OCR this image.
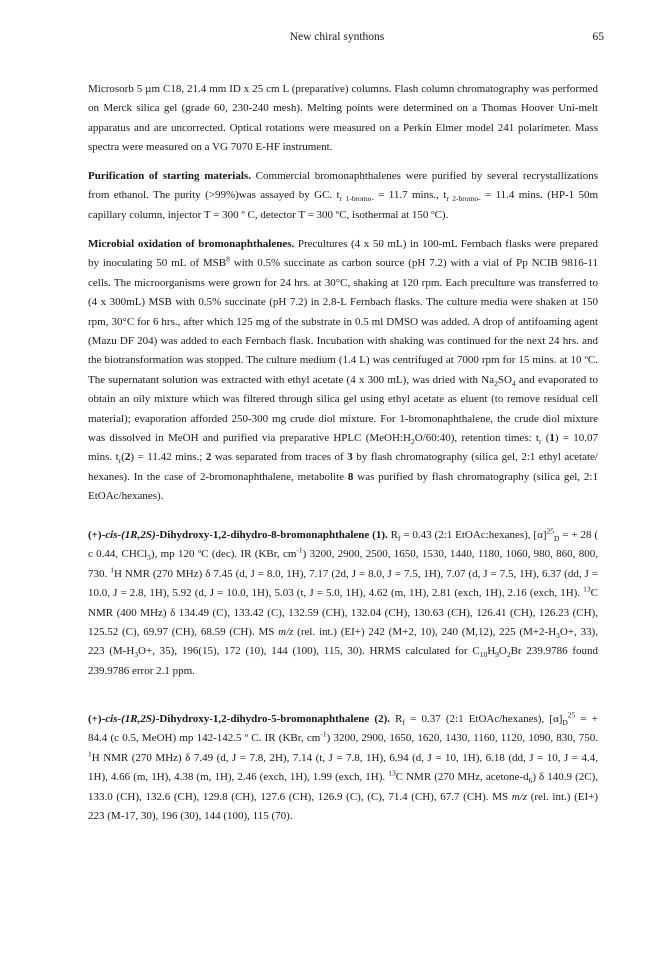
New chiral synthons	65

Microsorb 5 µm C18, 21.4 mm ID x 25 cm L (preparative) columns. Flash column chromatography was performed on Merck silica gel (grade 60, 230-240 mesh). Melting points were determined on a Thomas Hoover Uni-melt apparatus and are uncorrected. Optical rotations were measured on a Perkin Elmer model 241 polarimeter. Mass spectra were measured on a VG 7070 E-HF instrument.

Purification of starting materials. Commercial bromonaphthalenes were purified by several recrystallizations from ethanol. The purity (>99%)was assayed by GC. $t_{r 1-bromo-} = 11.7$ mins., $t_{r 2-bromo-} = 11.4$ mins. (HP-1 50m capillary column, injector T = 300 º C, detector T = 300 ºC, isothermal at 150 ºC).

Microbial oxidation of bromonaphthalenes. Precultures (4 x 50 mL) in 100-mL Fernbach flasks were prepared by inoculating 50 mL of MSB$^8$ with 0.5% succinate as carbon source (pH 7.2) with a vial of Pp NCIB 9816-11 cells. The microorganisms were grown for 24 hrs. at 30°C, shaking at 120 rpm. Each preculture was transferred to (4 x 300mL) MSB with 0.5% succinate (pH 7.2) in 2.8-L Fernbach flasks. The culture media were shaken at 150 rpm, 30°C for 6 hrs., after which 125 mg of the substrate in 0.5 ml DMSO was added. A drop of antifoaming agent (Mazu DF 204) was added to each Fernbach flask. Incubation with shaking was continued for the next 24 hrs. and the biotransformation was stopped. The culture medium (1.4 L) was centrifuged at 7000 rpm for 15 mins. at 10 ºC. The supernatant solution was extracted with ethyl acetate (4 x 300 mL), was dried with $Na_2SO_4$ and evaporated to obtain an oily mixture which was filtered through silica gel using ethyl acetate as eluent (to remove residual cell material); evaporation afforded 250-300 mg crude diol mixture. For 1-bromonaphthalene, the crude diol mixture was dissolved in MeOH and purified via preparative HPLC $(MeOH:H_2O/60:40)$, retention times: $t_r$ (1) = 10.07 mins. $t_r(2) = 11.42$ mins.; 2 was separated from traces of 3 by flash chromatography (silica gel, 2:1 ethyl acetate/ hexanes). In the case of 2-bromonaphthalene, metabolite 8 was purified by flash chromatography (silica gel, 2:1 EtOAc/hexanes).

(+)-cis-(1R,2S)-Dihydroxy-1,2-dihydro-8-bromonaphthalene (1). $R_f = 0.43$ (2:1 EtOAc:hexanes), $[\alpha]^{25}_D$ = + 28 ( c 0.44, CHCl$_3$), mp 120 ºC (dec). IR (KBr, $cm^{-1}$) 3200, 2900, 2500, 1650, 1530, 1440, 1180, 1060, 980, 860, 800, 730. $^1$H NMR (270 MHz) δ 7.45 (d, J = 8.0, 1H), 7.17 (2d, J = 8.0, J = 7.5, 1H), 7.07 (d, J = 7.5, 1H), 6.37 (dd, J = 10.0, J = 2.8, 1H), 5.92 (d, J = 10.0, 1H), 5.03 (t, J = 5.0, 1H), 4.62 (m, 1H), 2.81 (exch, 1H), 2.16 (exch, 1H). $^{13}$C NMR (400 MHz) δ 134.49 (C), 133.42 (C), 132.59 (CH), 132.04 (CH), 130.63 (CH), 126.41 (CH), 126.23 (CH), 125.52 (C), 69.97 (CH), 68.59 (CH). MS m/z (rel. int.) (EI+) 242 (M+2, 10), 240 (M,12), 225 ($M+2-H_3O+$, 33), 223 ($M-H_3O+$, 35), 196(15), 172 (10), 144 (100), 115, 30). HRMS calculated for $C_{10}H_9O_2Br$ 239.9786 found 239.9786 error 2.1 ppm.

(+)-cis-(1R,2S)-Dihydroxy-1,2-dihydro-5-bromonaphthalene (2). $R_f = 0.37$ (2:1 EtOAc/hexanes), $[\alpha]_D^{25}$ = + 84.4 (c 0.5, MeOH) mp 142-142.5 º C. IR (KBr, $cm^{-1}$) 3200, 2900, 1650, 1620, 1430, 1160, 1120, 1090, 830, 750. $^1$H NMR (270 MHz) δ 7.49 (d, J = 7.8, 2H), 7.14 (t, J = 7.8, 1H), 6.94 (d, J = 10, 1H), 6.18 (dd, J = 10, J = 4.4, 1H), 4.66 (m, 1H), 4.38 (m, 1H), 2.46 (exch, 1H), 1.99 (exch, 1H). $^{13}$C NMR (270 MHz, acetone-$d_6$) δ 140.9 (2C), 133.0 (CH), 132.6 (CH), 129.8 (CH), 127.6 (CH), 126.9 (C), (C), 71.4 (CH), 67.7 (CH). MS m/z (rel. int.) (EI+) 223 (M-17, 30), 196 (30), 144 (100), 115 (70).
